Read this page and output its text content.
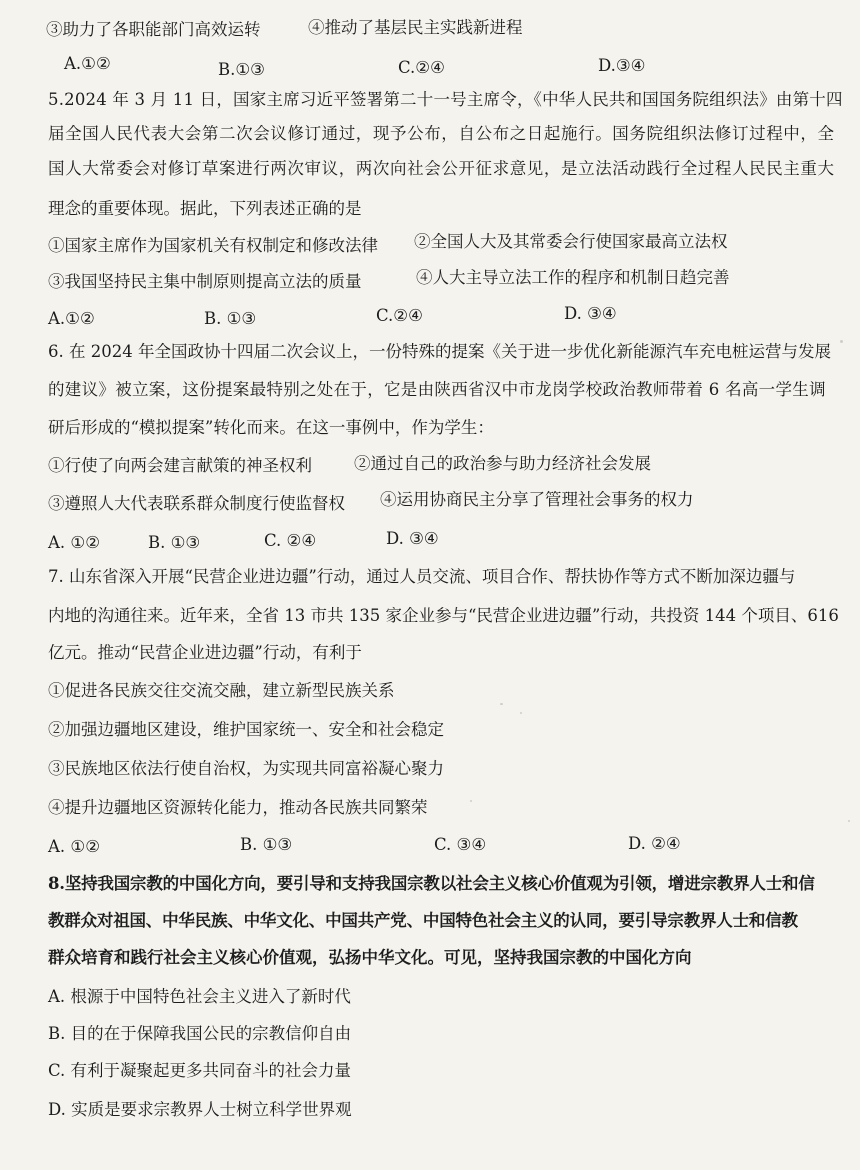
③助力了各职能部门高效运转	④推动了基层民主实践新进程
A.①②	B.①③	C.②④	D.③④
5.2024 年 3 月 11 日，国家主席习近平签署第二十一号主席令，《中华人民共和国国务院组织法》由第十四
届全国人民代表大会第二次会议修订通过，现予公布，自公布之日起施行。国务院组织法修订过程中，全
国人大常委会对修订草案进行两次审议，两次向社会公开征求意见，是立法活动践行全过程人民民主重大
理念的重要体现。据此，下列表述正确的是
①国家主席作为国家机关有权制定和修改法律 ②全国人大及其常委会行使国家最高立法权
③我国坚持民主集中制原则提高立法的质量	④人大主导立法工作的程序和机制日趋完善
A.①②	B. ①③	C.②④	D. ③④
6. 在 2024 年全国政协十四届二次会议上，一份特殊的提案《关于进一步优化新能源汽车充电桩运营与发展
的建议》被立案，这份提案最特别之处在于，它是由陕西省汉中市龙岗学校政治教师带着 6 名高一学生调
研后形成的“模拟提案”转化而来。在这一事例中，作为学生：
①行使了向两会建言献策的神圣权利	②通过自己的政治参与助力经济社会发展
③遵照人大代表联系群众制度行使监督权 ④运用协商民主分享了管理社会事务的权力
A. ①②	B. ①③	C. ②④	D. ③④
7. 山东省深入开展“民营企业进边疆”行动，通过人员交流、项目合作、帮扶协作等方式不断加深边疆与
内地的沟通往来。近年来，全省 13 市共 135 家企业参与“民营企业进边疆”行动，共投资 144 个项目、616
亿元。推动“民营企业进边疆”行动，有利于
①促进各民族交往交流交融，建立新型民族关系
②加强边疆地区建设，维护国家统一、安全和社会稳定
③民族地区依法行使自治权，为实现共同富裕凝心聚力
④提升边疆地区资源转化能力，推动各民族共同繁荣
A. ①②	B. ①③	C. ③④	D. ②④
8.坚持我国宗教的中国化方向，要引导和支持我国宗教以社会主义核心价值观为引领，增进宗教界人士和信
教群众对祖国、中华民族、中华文化、中国共产党、中国特色社会主义的认同，要引导宗教界人士和信教
群众培育和践行社会主义核心价值观，弘扬中华文化。可见，坚持我国宗教的中国化方向
A. 根源于中国特色社会主义进入了新时代
B. 目的在于保障我国公民的宗教信仰自由
C. 有利于凝聚起更多共同奋斗的社会力量
D. 实质是要求宗教界人士树立科学世界观
